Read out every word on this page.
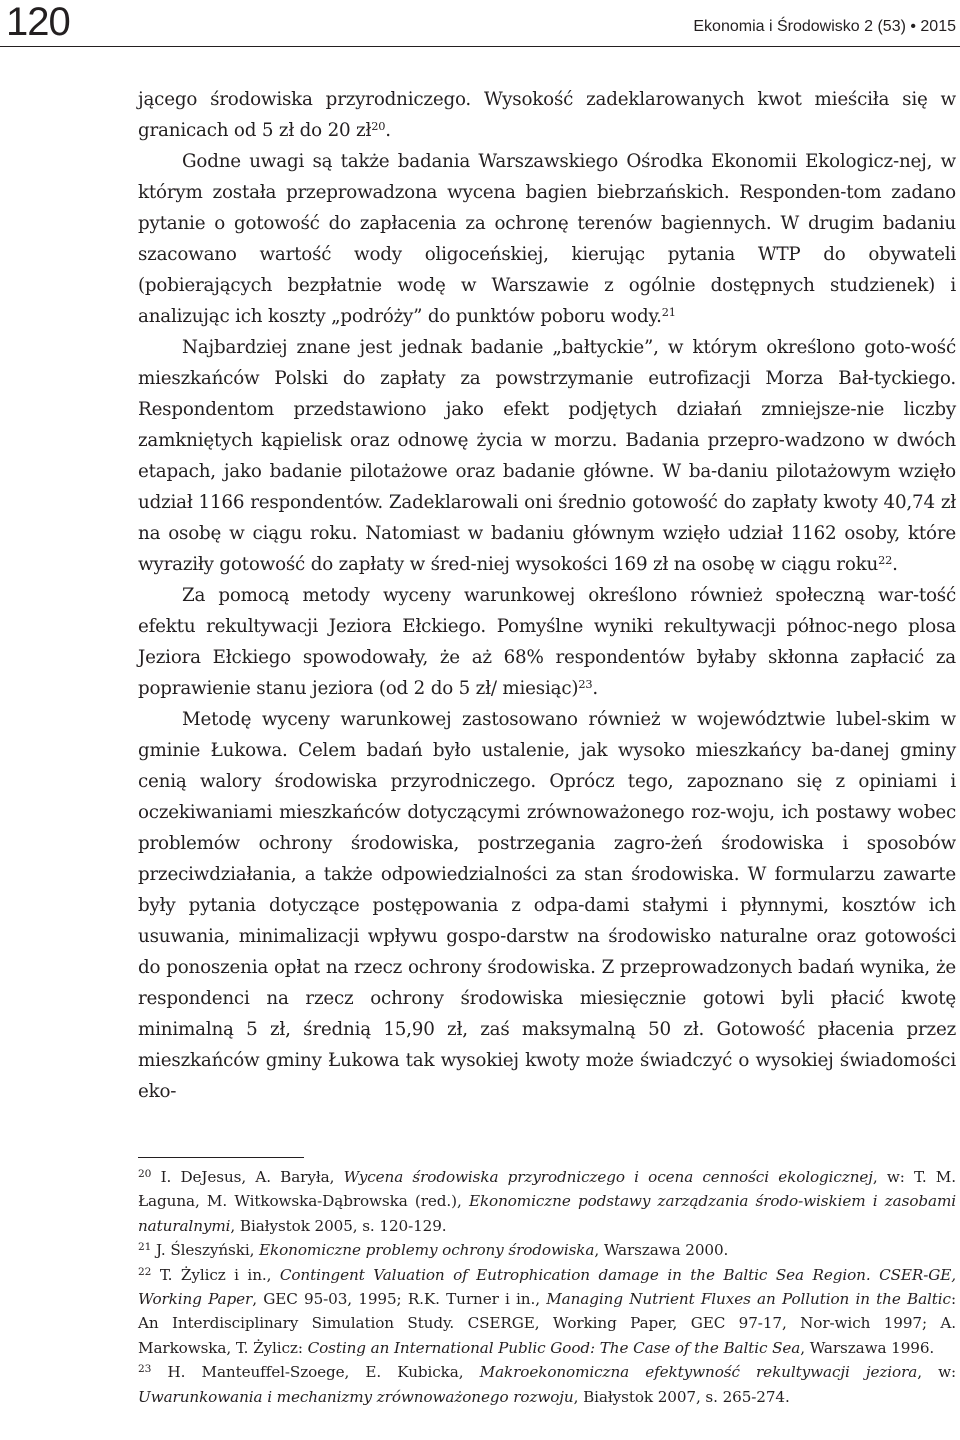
120	Ekonomia i Środowisko 2 (53) • 2015

jącego środowiska przyrodniczego. Wysokość zadeklarowanych kwot mieściła się w granicach od 5 zł do 20 $zł^{20}$.

Godne uwagi są także badania Warszawskiego Ośrodka Ekonomii Ekologicz-nej, w którym została przeprowadzona wycena bagien biebrzańskich. Responden-tom zadano pytanie o gotowość do zapłacenia za ochronę terenów bagiennych. W drugim badaniu szacowano wartość wody oligoceńskiej, kierując pytania WTP do obywateli (pobierających bezpłatnie wodę w Warszawie z ogólnie dostępnych studzienek) i analizując ich koszty „podróży” do punktów poboru wody.$^{21}$

Najbardziej znane jest jednak badanie „bałtyckie”, w którym określono goto-wość mieszkańców Polski do zapłaty za powstrzymanie eutrofizacji Morza Bał-tyckiego. Respondentom przedstawiono jako efekt podjętych działań zmniejsze-nie liczby zamkniętych kąpielisk oraz odnowę życia w morzu. Badania przepro-wadzono w dwóch etapach, jako badanie pilotażowe oraz badanie główne. W ba-daniu pilotażowym wzięło udział 1166 respondentów. Zadeklarowali oni średnio gotowość do zapłaty kwoty 40,74 zł na osobę w ciągu roku. Natomiast w badaniu głównym wzięło udział 1162 osoby, które wyraziły gotowość do zapłaty w śred-niej wysokości 169 zł na osobę w ciągu roku$^{22}$.

Za pomocą metody wyceny warunkowej określono również społeczną war-tość efektu rekultywacji Jeziora Ełckiego. Pomyślne wyniki rekultywacji północ-nego plosa Jeziora Ełckiego spowodowały, że aż 68% respondentów byłaby skłonna zapłacić za poprawienie stanu jeziora (od 2 do 5 zł/ miesiąc)$^{23}$.

Metodę wyceny warunkowej zastosowano również w województwie lubel-skim w gminie Łukowa. Celem badań było ustalenie, jak wysoko mieszkańcy ba-danej gminy cenią walory środowiska przyrodniczego. Oprócz tego, zapoznano się z opiniami i oczekiwaniami mieszkańców dotyczącymi zrównoważonego roz-woju, ich postawy wobec problemów ochrony środowiska, postrzegania zagro-żeń środowiska i sposobów przeciwdziałania, a także odpowiedzialności za stan środowiska. W formularzu zawarte były pytania dotyczące postępowania z odpa-dami stałymi i płynnymi, kosztów ich usuwania, minimalizacji wpływu gospo-darstw na środowisko naturalne oraz gotowości do ponoszenia opłat na rzecz ochrony środowiska. Z przeprowadzonych badań wynika, że respondenci na rzecz ochrony środowiska miesięcznie gotowi byli płacić kwotę minimalną 5 zł, średnią 15,90 zł, zaś maksymalną 50 zł. Gotowość płacenia przez mieszkańców gminy Łukowa tak wysokiej kwoty może świadczyć o wysokiej świadomości eko-

$^{20}$ I. DeJesus, A. Baryła, Wycena środowiska przyrodniczego i ocena cenności ekologicznej, w: T. M. Łaguna, M. Witkowska-Dąbrowska (red.), Ekonomiczne podstawy zarządzania środo-wiskiem i zasobami naturalnymi, Białystok 2005, s. 120-129.

$^{21}$ J. Śleszyński, Ekonomiczne problemy ochrony środowiska, Warszawa 2000.

$^{22}$ T. Żylicz i in., Contingent Valuation of Eutrophication damage in the Baltic Sea Region. CSER-GE, Working Paper, GEC 95-03, 1995; R.K. Turner i in., Managing Nutrient Fluxes an Pollution in the Baltic: An Interdisciplinary Simulation Study. CSERGE, Working Paper, GEC 97-17, Nor-wich 1997; A. Markowska, T. Żylicz: Costing an International Public Good: The Case of the Baltic Sea, Warszawa 1996.

$^{23}$ H. Manteuffel-Szoege, E. Kubicka, Makroekonomiczna efektywność rekultywacji jeziora, w: Uwarunkowania i mechanizmy zrównoważonego rozwoju, Białystok 2007, s. 265-274.
